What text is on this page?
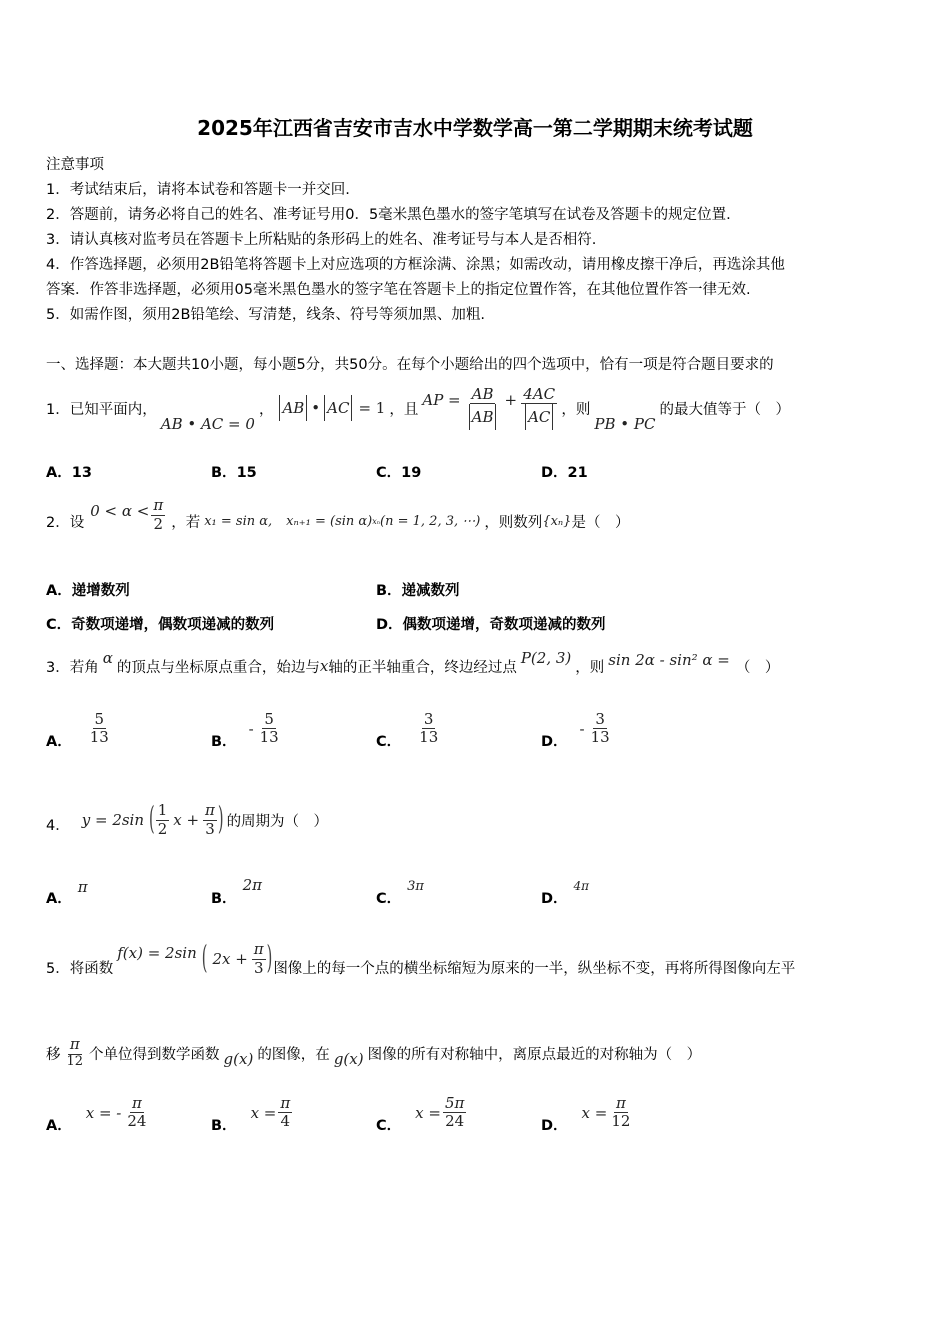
2025年江西省吉安市吉水中学数学高一第二学期期末统考试题
注意事项
1．考试结束后，请将本试卷和答题卡一并交回.
2．答题前，请务必将自己的姓名、准考证号用0．5毫米黑色墨水的签字笔填写在试卷及答题卡的规定位置.
3．请认真核对监考员在答题卡上所粘贴的条形码上的姓名、准考证号与本人是否相符.
4．作答选择题，必须用2B铅笔将答题卡上对应选项的方框涂满、涂黑；如需改动，请用橡皮擦干净后，再选涂其他
答案．作答非选择题，必须用05毫米黑色墨水的签字笔在答题卡上的指定位置作答，在其他位置作答一律无效.
5．如需作图，须用2B铅笔绘、写清楚，线条、符号等须加黑、加粗.
一、选择题：本大题共10小题，每小题5分，共50分。在每个小题给出的四个选项中，恰有一项是符合题目要求的
1． 已知平面内，
AB • AC = 0
， AB • AC = 1 ，且
AP = $\frac{AB}{AB} + \frac{4AC}{AC}$ ，则
PB • PC
的最大值等于（　）
A．13	B．15	C．19	D．21
2． 设
$0 < \alpha < \frac{\pi}{2}$ ，若 x₁ = sin α, xₙ₊₁ = (sin α) xₙ (n = 1, 2, 3, ⋯) ，则数列 {xₙ} 是（　）
A．递增数列	B．递减数列
C．奇数项递增，偶数项递减的数列	D．偶数项递增，奇数项递减的数列
3． 若角
α
的顶点与坐标原点重合，始边与 x 轴的正半轴重合，终边经过点
P(2, 3)
，则 sin 2α - sin² α = （　）
A． $\frac{5}{13}$	B．
- $\frac{5}{13}$	C． $\frac{3}{13}$	D．
- $\frac{3}{13}$
4． y = 2sin ( $\frac{1}{2}$ $x + \frac{\pi}{3}$ ) 的周期为（　）
A．π
B．2π
C．3π
D．4π
5． 将函数
f(x) = 2sin ( $2x + \frac{\pi}{3}$ ) 图像上的每一个点的横坐标缩短为原来的一半，纵坐标不变，再将所得图像向左平
移 $\frac{\pi}{12}$ 个单位得到数学函数 g(x) 的图像，在 g(x) 图像的所有对称轴中，离原点最近的对称轴为（　）
A．
x = - $\frac{\pi}{24}$	B．
$x = \frac{\pi}{4}$	C．
$x = \frac{5\pi}{24}$	D．
$x = \frac{\pi}{12}$
